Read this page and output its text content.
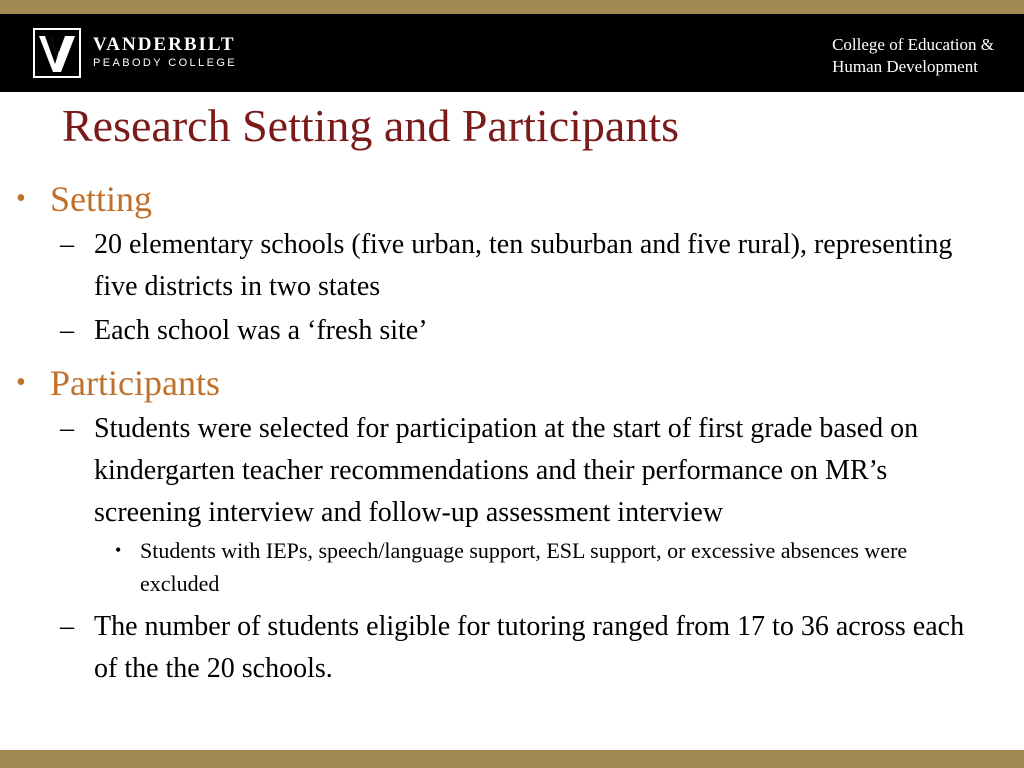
VANDERBILT
PEABODY COLLEGE
College of Education &
Human Development
Research Setting and Participants
• Setting
– 20 elementary schools (five urban, ten suburban and five rural), representing five districts in two states
– Each school was a ‘fresh site’
• Participants
– Students were selected for participation at the start of first grade based on kindergarten teacher recommendations and their performance on MR’s screening interview and follow-up assessment interview
• Students with IEPs, speech/language support, ESL support, or excessive absences were excluded
– The number of students eligible for tutoring ranged from 17 to 36 across each of the the 20 schools.
